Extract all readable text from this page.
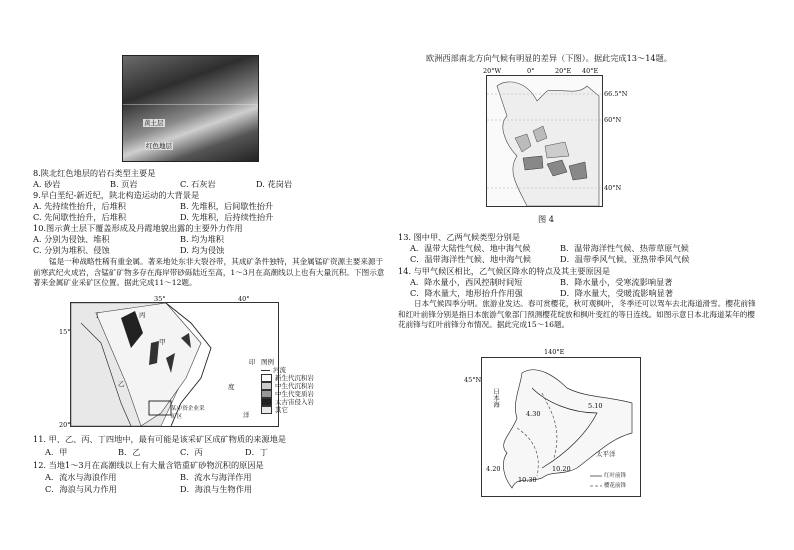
黄土层
红色地层
8.陕北红色地层的岩石类型主要是
A. 砂岩	B. 页岩	C. 石灰岩	D. 花岗岩
9.早白垩纪-新近纪，陕北构造运动的大背景是
A. 先持续性抬升，后堆积	B. 先堆积，后间歇性抬升
C. 先间歇性抬升，后堆积	D. 先堆积，后持续性抬升
10.图示黄土层下覆盖形成及丹霞地貌出露的主要外力作用
A. 分别为侵蚀、堆积	B. 均为堆积
C. 分别为堆积、侵蚀	D. 均为侵蚀
锰是一种战略性稀有重金属。著来地处东非大裂谷带，其成矿条件独特，其金属锰矿资源主要来源于前寒武纪火成岩，含锰矿矿物多存在海岸带砂砾陆近至高，1～3月在高潮线以上也有大量沉积。下图示意著来金属矿业采矿区位置。据此完成11～12题。
35°	40°
15°
20°
丁	丙
甲
乙
印
度
洋
某中资企业采矿区
图例
河流
新生代沉积岩
中生代沉积岩
中生代变质岩
太古宙侵入岩
其它
11. 甲、乙、丙、丁四地中，最有可能是该采矿区成矿物质的来源地是
A．甲	B．乙	C．丙	D．丁
12. 当地1～3月在高潮线以上有大量含锆重矿砂物沉积的原因是
A．流水与海浪作用	B．流水与海洋作用
C．海浪与风力作用	D．海浪与生物作用
欧洲西部南北方向气候有明显的差异（下图）。据此完成13～14题。
20°W	0°	20°E 40°E
66.5°N
60°N
40°N
图 4
13. 图中甲、乙两气候类型分别是
A．温带大陆性气候、地中海气候	B．温带海洋性气候、热带草原气候
C．温带海洋性气候、地中海气候	D．温带季风气候、亚热带季风气候
14. 与甲气候区相比，乙气候区降水的特点及其主要原因是
A．降水量小，西风控制时间短	B．降水量小，受寒流影响显著
C．降水量大，地形抬升作用强	D．降水量大，受暖流影响显著
日本气候四季分明。旅游业发达。春可赏樱花，秋可观枫叶，冬季还可以驾车去北海道滑雪。樱花前锋和红叶前锋分别是指日本旅游气象部门预测樱花绽放和枫叶变红的等日连线。如图示意日本北海道某年的樱花前锋与红叶前锋分布情况。据此完成15～16题。
140°E
45°N
日本海
太平洋
4.30
5.10
10.20
4.20
10.30	红叶前锋
樱花前锋
